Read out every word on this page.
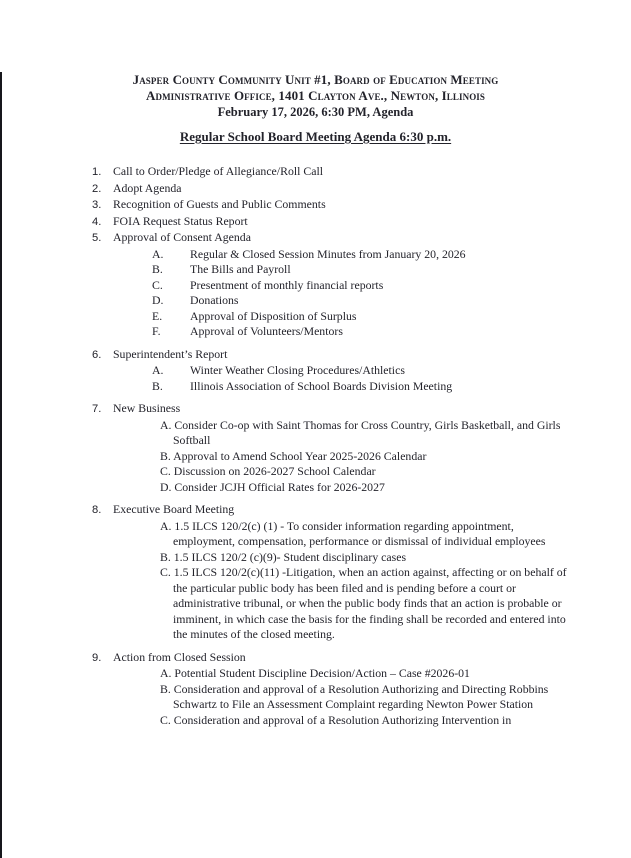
Jasper County Community Unit #1, Board of Education Meeting
Administrative Office, 1401 Clayton Ave., Newton, Illinois
February 17, 2026, 6:30 PM, Agenda
Regular School Board Meeting Agenda 6:30 p.m.
1. Call to Order/Pledge of Allegiance/Roll Call
2. Adopt Agenda
3. Recognition of Guests and Public Comments
4. FOIA Request Status Report
5. Approval of Consent Agenda
A. Regular & Closed Session Minutes from January 20, 2026
B. The Bills and Payroll
C. Presentment of monthly financial reports
D. Donations
E. Approval of Disposition of Surplus
F. Approval of Volunteers/Mentors
6. Superintendent’s Report
A. Winter Weather Closing Procedures/Athletics
B. Illinois Association of School Boards Division Meeting
7. New Business
A. Consider Co-op with Saint Thomas for Cross Country, Girls Basketball, and Girls Softball
B. Approval to Amend School Year 2025-2026 Calendar
C. Discussion on 2026-2027 School Calendar
D. Consider JCJH Official Rates for 2026-2027
8. Executive Board Meeting
A. 1.5 ILCS 120/2(c) (1) - To consider information regarding appointment, employment, compensation, performance or dismissal of individual employees
B. 1.5 ILCS 120/2 (c)(9)- Student disciplinary cases
C. 1.5 ILCS 120/2(c)(11) -Litigation, when an action against, affecting or on behalf of the particular public body has been filed and is pending before a court or administrative tribunal, or when the public body finds that an action is probable or imminent, in which case the basis for the finding shall be recorded and entered into the minutes of the closed meeting.
9. Action from Closed Session
A. Potential Student Discipline Decision/Action – Case #2026-01
B. Consideration and approval of a Resolution Authorizing and Directing Robbins Schwartz to File an Assessment Complaint regarding Newton Power Station
C. Consideration and approval of a Resolution Authorizing Intervention in
